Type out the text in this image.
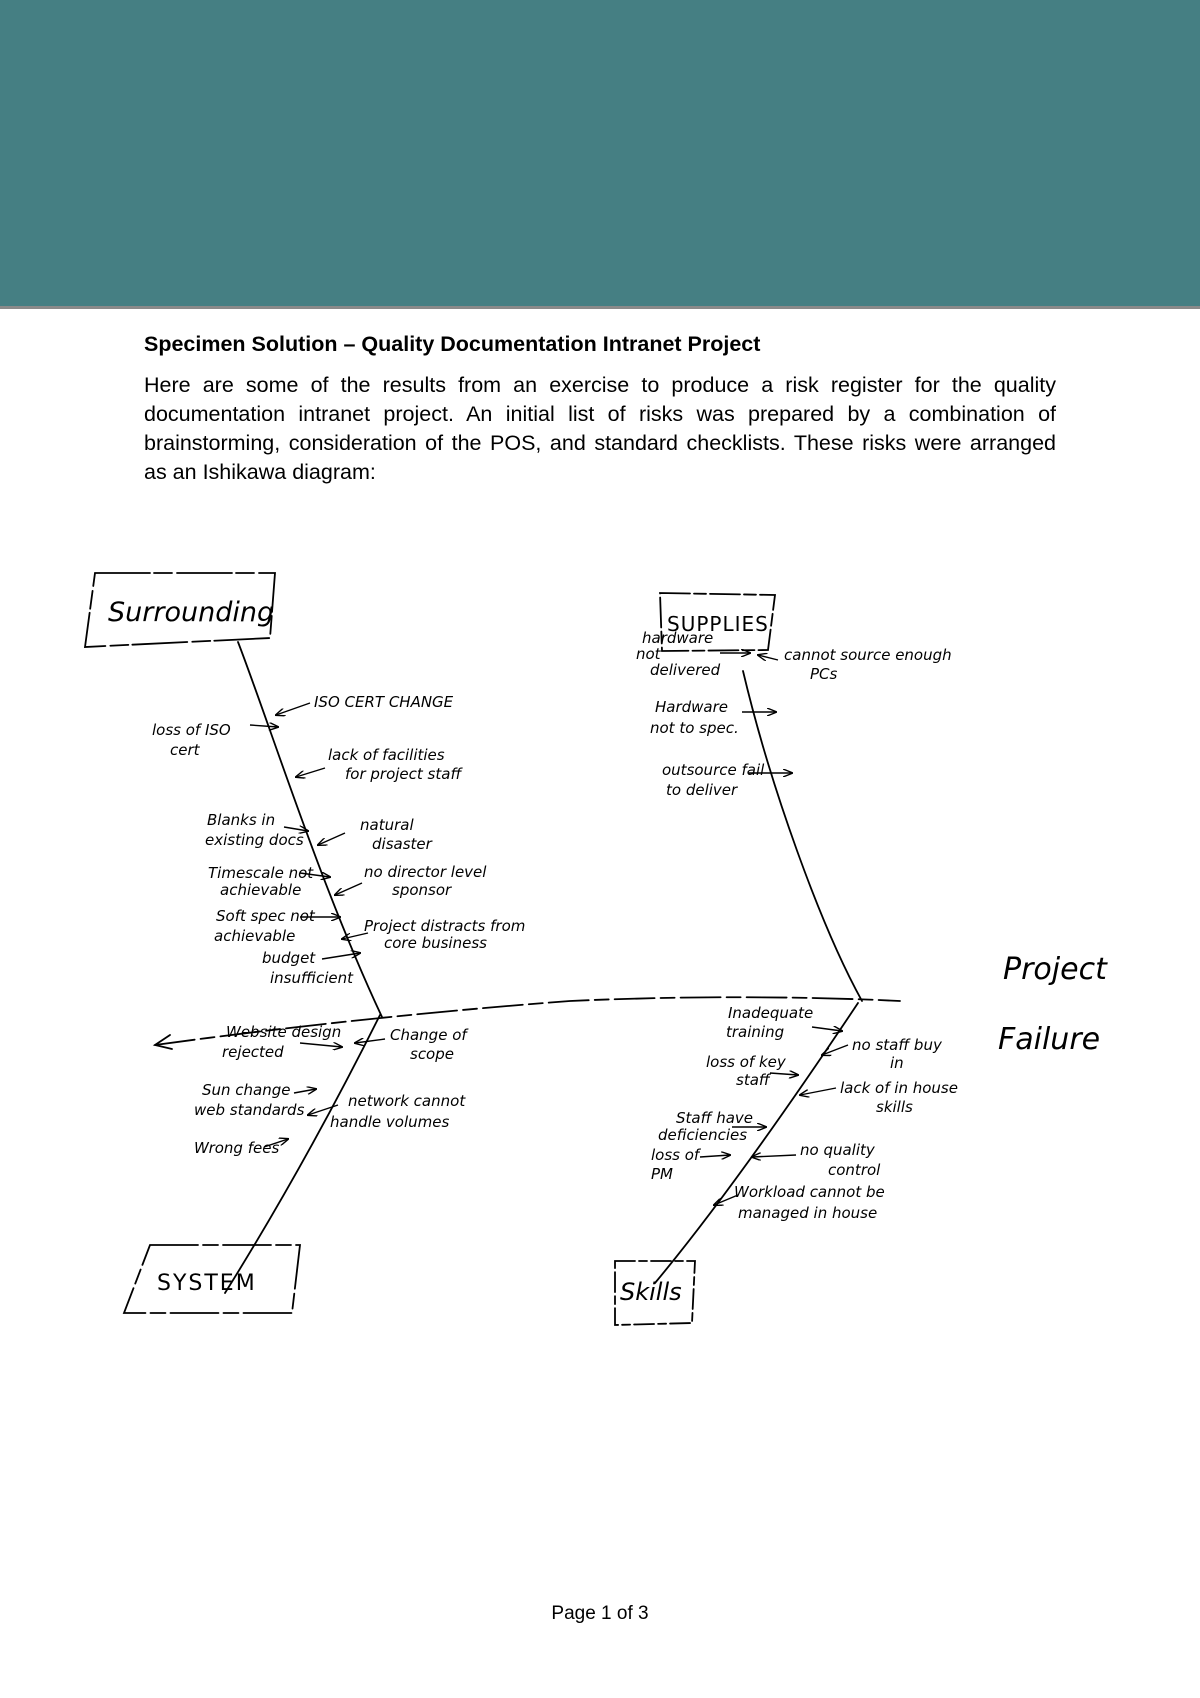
Specimen Solution – Quality Documentation Intranet Project

Here are some of the results from an exercise to produce a risk register for the quality documentation intranet project. An initial list of risks was prepared by a combination of brainstorming, consideration of the POS, and standard checklists. These risks were arranged as an Ishikawa diagram:

Surrounding	SUPPLIES
SYSTEM	Skills
Project
Failure
ISO CERT CHANGE
loss of ISO
cert	lack of facilities
for project staff
Blanks in
existing docs
natural
disaster
Timescale not
achievable
no director level
sponsor
Soft spec not
achievable
Project distracts from
core business
budget
insufficient
hardware
not
delivered
cannot source enough
PCs
Hardware
not to spec.
outsource fail
to deliver
Website design
rejected
Change of
scope
Sun change
web standards	network cannot
handle volumes
Wrong fees
Inadequate
training
no staff buy
in
loss of key
staff	lack of in house
skills
Staff have
deficiencies
loss of
PM
no quality
control
Workload cannot be
managed in house
Page 1 of 3
